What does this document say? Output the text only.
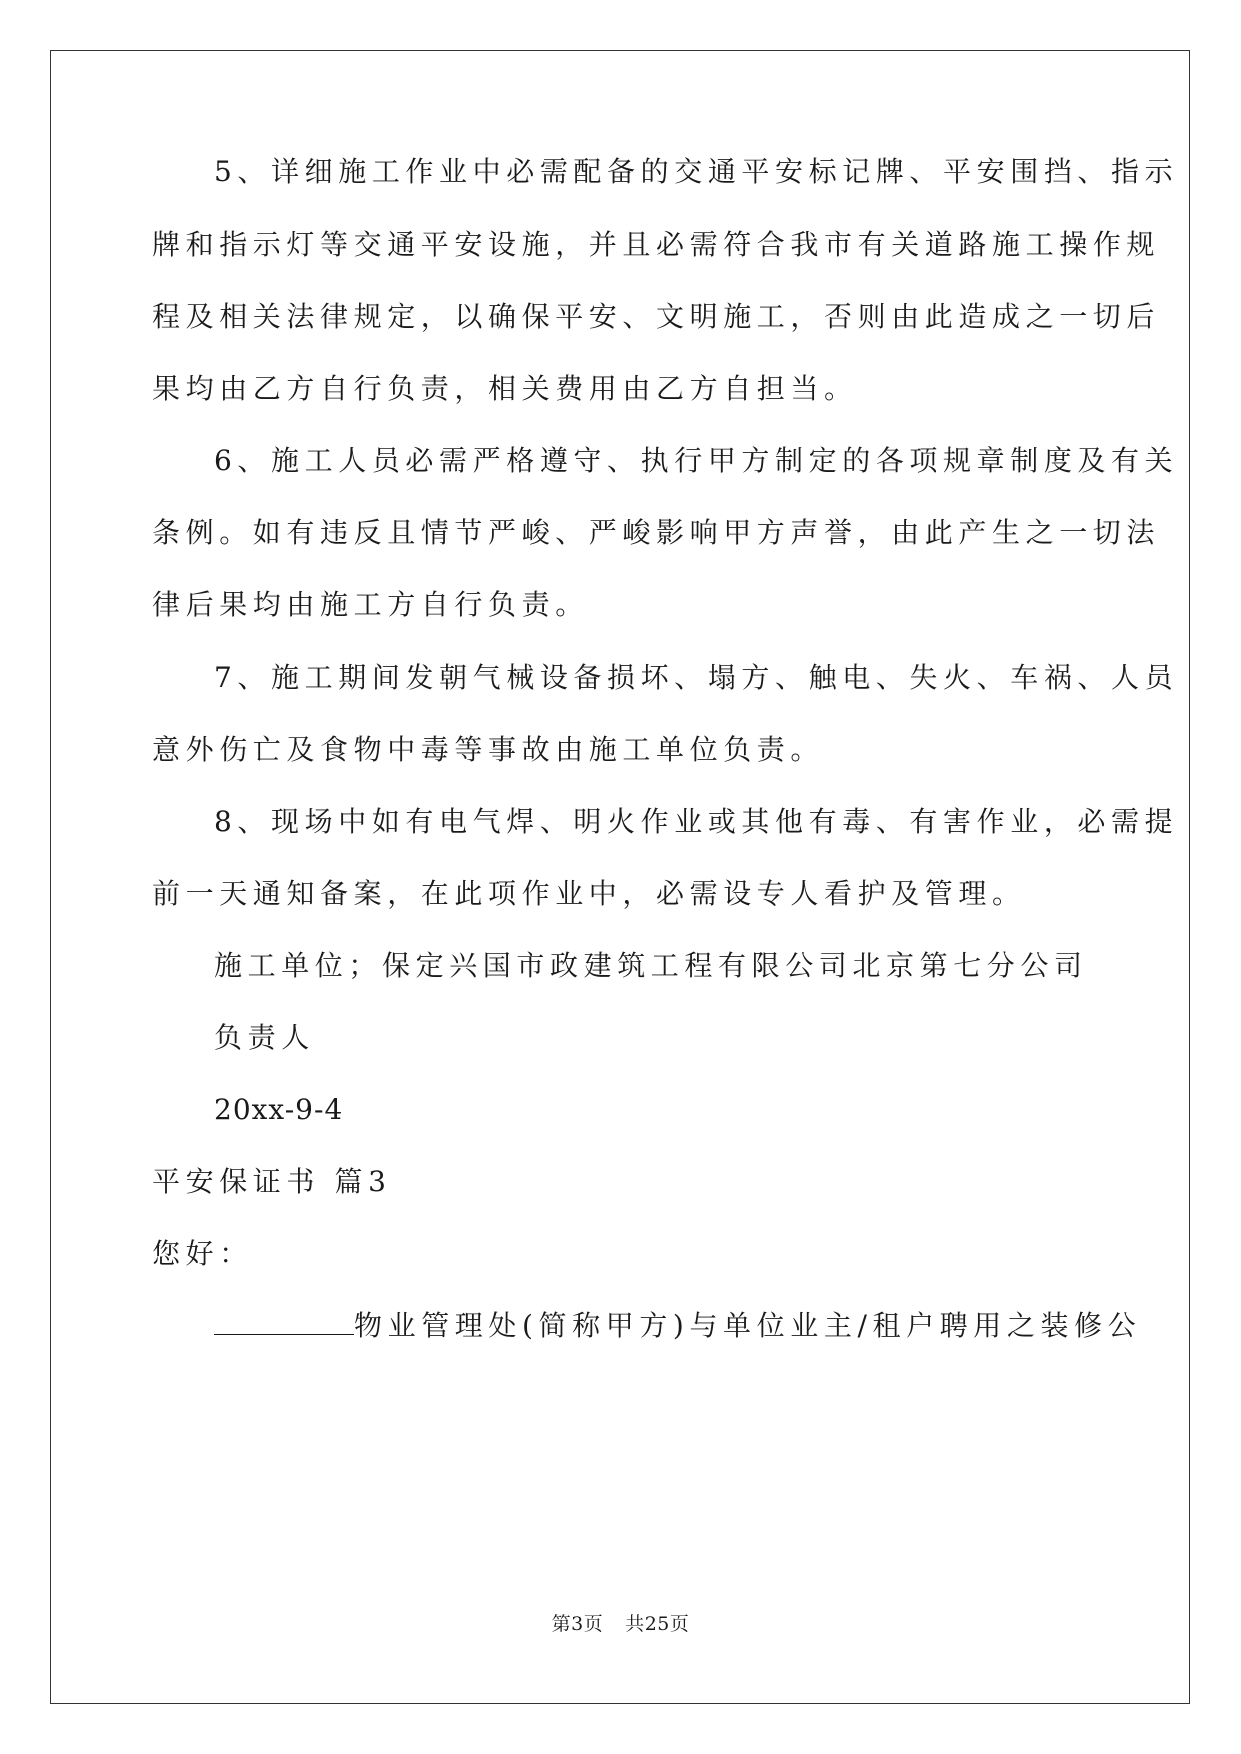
5、详细施工作业中必需配备的交通平安标记牌、平安围挡、指示
牌和指示灯等交通平安设施，并且必需符合我市有关道路施工操作规
程及相关法律规定，以确保平安、文明施工，否则由此造成之一切后
果均由乙方自行负责，相关费用由乙方自担当。
6、施工人员必需严格遵守、执行甲方制定的各项规章制度及有关
条例。如有违反且情节严峻、严峻影响甲方声誉，由此产生之一切法
律后果均由施工方自行负责。
7、施工期间发朝气械设备损坏、塌方、触电、失火、车祸、人员
意外伤亡及食物中毒等事故由施工单位负责。
8、现场中如有电气焊、明火作业或其他有毒、有害作业，必需提
前一天通知备案，在此项作业中，必需设专人看护及管理。
施工单位；保定兴国市政建筑工程有限公司北京第七分公司
负责人
20xx-9-4
平安保证书 篇3
您好：
物业管理处(简称甲方)与单位业主/租户聘用之装修公
第3页 共25页
